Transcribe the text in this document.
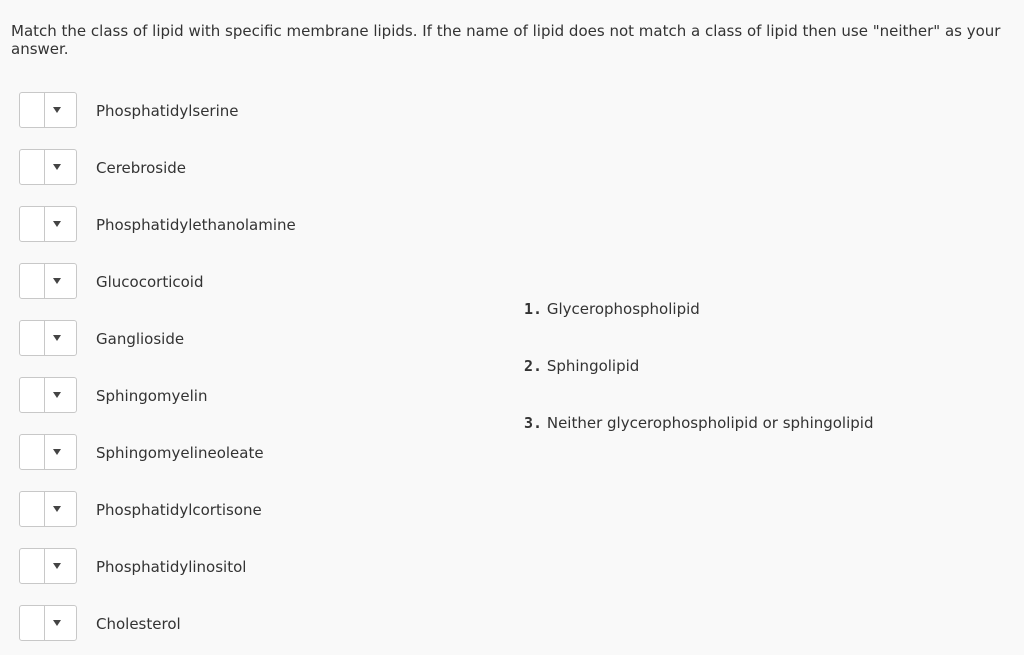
Match the class of lipid with specific membrane lipids. If the name of lipid does not match a class of lipid then use "neither" as your answer.

Phosphatidylserine
Cerebroside
Phosphatidylethanolamine
Glucocorticoid
Ganglioside
Sphingomyelin
Sphingomyelineoleate
Phosphatidylcortisone
Phosphatidylinositol
Cholesterol
1. Glycerophospholipid
2. Sphingolipid
3. Neither glycerophospholipid or sphingolipid
